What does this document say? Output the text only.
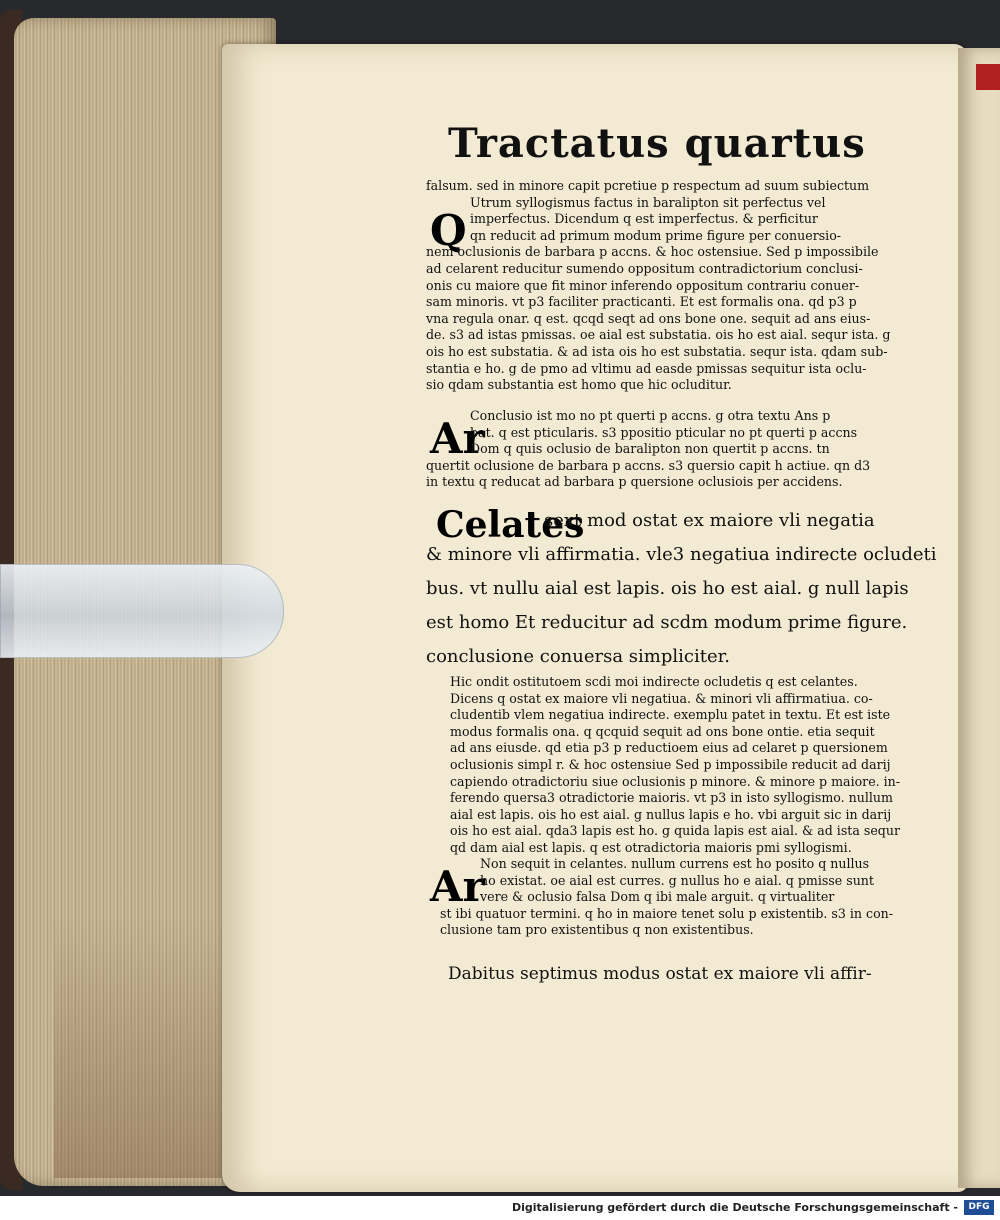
Tractatus quartus
Q
falsum. sed in minore capit pcretiue p respectum ad suum subiectum
Utrum syllogismus factus in baralipton sit perfectus vel
imperfectus. Dicendum q est imperfectus. & perficitur
qn reducit ad primum modum prime figure per conuersio-
nem oclusionis de barbara p accns. & hoc ostensiue. Sed p impossibile
ad celarent reducitur sumendo oppositum contradictorium conclusi-
onis cu maiore que fit minor inferendo oppositum contrariu conuer-
sam minoris. vt p3 faciliter practicanti. Et est formalis ona. qd p3 p
vna regula onar. q est. qcqd seqt ad ons bone one. sequit ad ans eius-
de. s3 ad istas pmissas. oe aial est substatia. ois ho est aial. sequr ista. g
ois ho est substatia. & ad ista ois ho est substatia. sequr ista. qdam sub-
stantia e ho. g de pmo ad vltimu ad easde pmissas sequitur ista oclu-
sio qdam substantia est homo que hic ocluditur.
Ar
Conclusio ist mo no pt querti p accns. g otra textu Ans p
bat. q est pticularis. s3 ppositio pticular no pt querti p accns
Dom q quis oclusio de baralipton non quertit p accns. tn
quertit oclusione de barbara p accns. s3 quersio capit h actiue. qn d3
in textu q reducat ad barbara p quersione oclusiois per accidens.
Celates
sext mod ostat ex maiore vli negatia
& minore vli affirmatia. vle3 negatiua indirecte ocludeti
bus. vt nullu aial est lapis. ois ho est aial. g null lapis
est homo Et reducitur ad scdm modum prime figure.
conclusione conuersa simpliciter.
Hic ondit ostitutoem scdi moi indirecte ocludetis q est celantes.
Dicens q ostat ex maiore vli negatiua. & minori vli affirmatiua. co-
cludentib vlem negatiua indirecte. exemplu patet in textu. Et est iste
modus formalis ona. q qcquid sequit ad ons bone ontie. etia sequit
ad ans eiusde. qd etia p3 p reductioem eius ad celaret p quersionem
oclusionis simpl r. & hoc ostensiue Sed p impossibile reducit ad darij
capiendo otradictoriu siue oclusionis p minore. & minore p maiore. in-
ferendo quersa3 otradictorie maioris. vt p3 in isto syllogismo. nullum
aial est lapis. ois ho est aial. g nullus lapis e ho. vbi arguit sic in darij
ois ho est aial. qda3 lapis est ho. g quida lapis est aial. & ad ista sequr
qd dam aial est lapis. q est otradictoria maioris pmi syllogismi.
Ar
Non sequit in celantes. nullum currens est ho posito q nullus
ho existat. oe aial est curres. g nullus ho e aial. q pmisse sunt
vere & oclusio falsa Dom q ibi male arguit. q virtualiter
st ibi quatuor termini. q ho in maiore tenet solu p existentib. s3 in con-
clusione tam pro existentibus q non existentibus.
Dabitus septimus modus ostat ex maiore vli affir-
Digitalisierung gefördert durch die Deutsche Forschungsgemeinschaft -	DFG
